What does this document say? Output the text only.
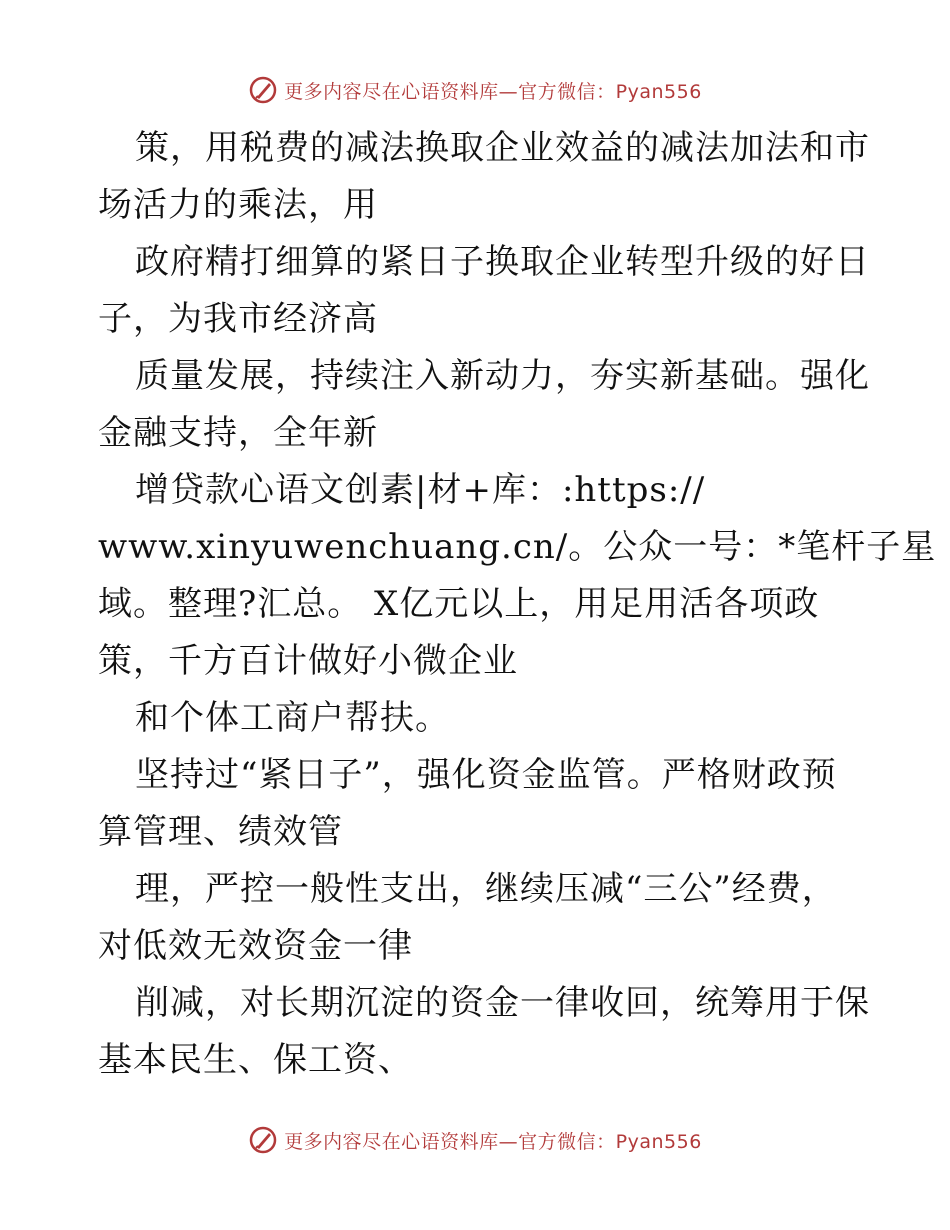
更多内容尽在心语资料库—官方微信：Pyan556
策，用税费的减法换取企业效益的减法加法和市
场活力的乘法，用
政府精打细算的紧日子换取企业转型升级的好日
子，为我市经济高
质量发展，持续注入新动力，夯实新基础。强化
金融支持，全年新
增贷款心语文创素|材+库：:https://
www.xinyuwenchuang.cn/。公众一号：*笔杆子星
域。整理?汇总。 X亿元以上，用足用活各项政
策，千方百计做好小微企业
和个体工商户帮扶。
坚持过“紧日子”，强化资金监管。严格财政预
算管理、绩效管
理，严控一般性支出，继续压减“三公”经费，
对低效无效资金一律
削减，对长期沉淀的资金一律收回，统筹用于保
基本民生、保工资、
更多内容尽在心语资料库—官方微信：Pyan556
